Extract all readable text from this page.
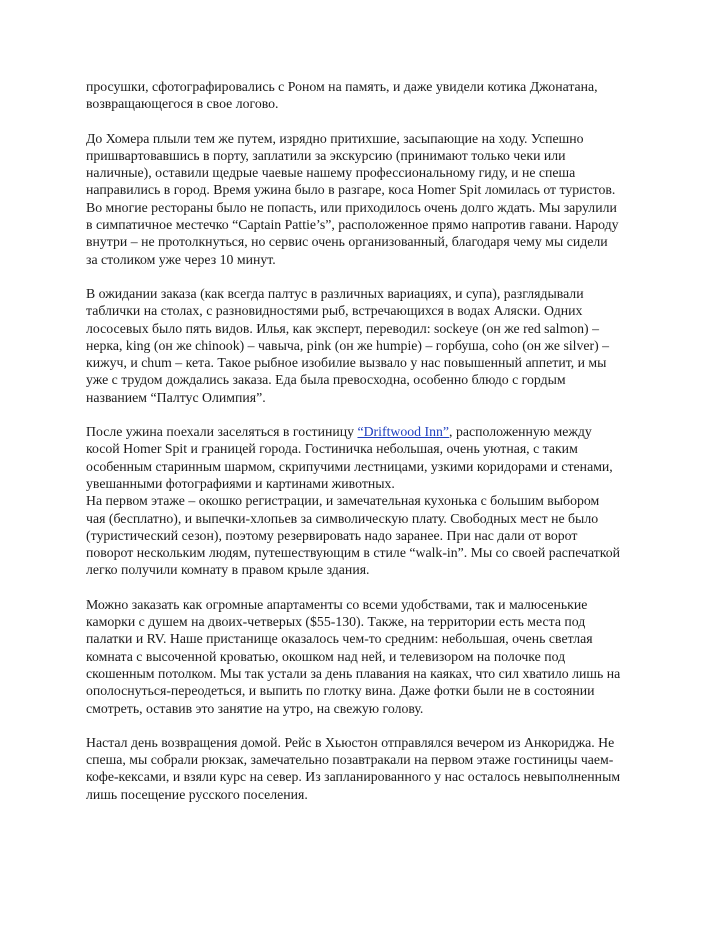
просушки, сфотографировались с Роном на память, и даже увидели котика Джонатана,
возвращающегося в свое логово.

До Хомера плыли тем же путем, изрядно притихшие, засыпающие на ходу. Успешно
пришвартовавшись в порту, заплатили за экскурсию (принимают только чеки или
наличные), оставили щедрые чаевые нашему профессиональному гиду, и не спеша
направились в город. Время ужина было в разгаре, коса Homer Spit ломилась от туристов.
Во многие рестораны было не попасть, или приходилось очень долго ждать. Мы зарулили
в симпатичное местечко “Captain Pattie’s”, расположенное прямо напротив гавани. Народу
внутри – не протолкнуться, но сервис очень организованный, благодаря чему мы сидели
за столиком уже через 10 минут.

В ожидании заказа (как всегда палтус в различных вариациях, и супа), разглядывали
таблички на столах, с разновидностями рыб, встречающихся в водах Аляски. Одних
лососевых было пять видов. Илья, как эксперт, переводил: sockeye (он же red salmon) –
нерка, king (он же chinook) – чавыча, pink (он же humpie) – горбуша, coho (он же silver) –
кижуч, и chum – кета. Такое рыбное изобилие вызвало у нас повышенный аппетит, и мы
уже с трудом дождались заказа. Еда была превосходна, особенно блюдо с гордым
названием “Палтус Олимпия”.

После ужина поехали заселяться в гостиницу “Driftwood Inn”, расположенную между
косой Homer Spit и границей города. Гостиничка небольшая, очень уютная, с таким
особенным старинным шармом, скрипучими лестницами, узкими коридорами и стенами,
увешанными фотографиями и картинами животных.
На первом этаже – окошко регистрации, и замечательная кухонька с большим выбором
чая (бесплатно), и выпечки-хлопьев за символическую плату. Свободных мест не было
(туристический сезон), поэтому резервировать надо заранее. При нас дали от ворот
поворот нескольким людям, путешествующим в стиле “walk-in”. Мы со своей распечаткой
легко получили комнату в правом крыле здания.

Можно заказать как огромные апартаменты со всеми удобствами, так и малюсенькие
каморки с душем на двоих-четверых ($55-130). Также, на территории есть места под
палатки и RV. Наше пристанище оказалось чем-то средним: небольшая, очень светлая
комната с высоченной кроватью, окошком над ней, и телевизором на полочке под
скошенным потолком. Мы так устали за день плавания на каяках, что сил хватило лишь на
ополоснуться-переодеться, и выпить по глотку вина. Даже фотки были не в состоянии
смотреть, оставив это занятие на утро, на свежую голову.

Настал день возвращения домой. Рейс в Хьюстон отправлялся вечером из Анкориджа. Не
спеша, мы собрали рюкзак, замечательно позавтракали на первом этаже гостиницы чаем-
кофе-кексами, и взяли курс на север. Из запланированного у нас осталось невыполненным
лишь посещение русского поселения.
